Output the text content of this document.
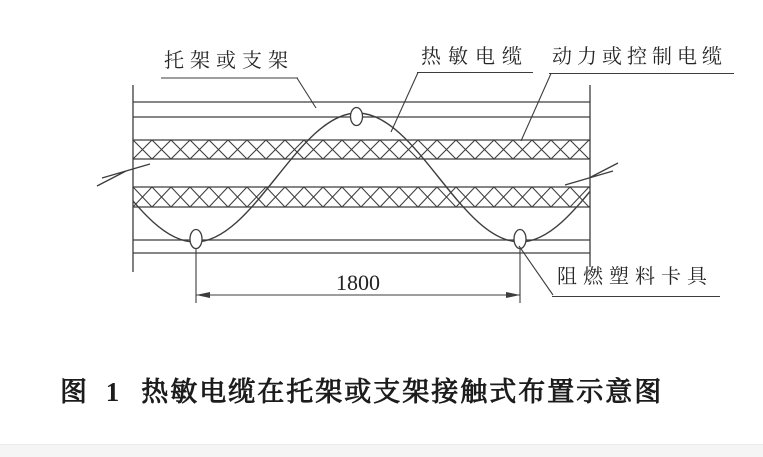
1800
托架或支架	热敏电缆 动力或控制电缆
阻燃塑料卡具
图 1 热敏电缆在托架或支架接触式布置示意图
